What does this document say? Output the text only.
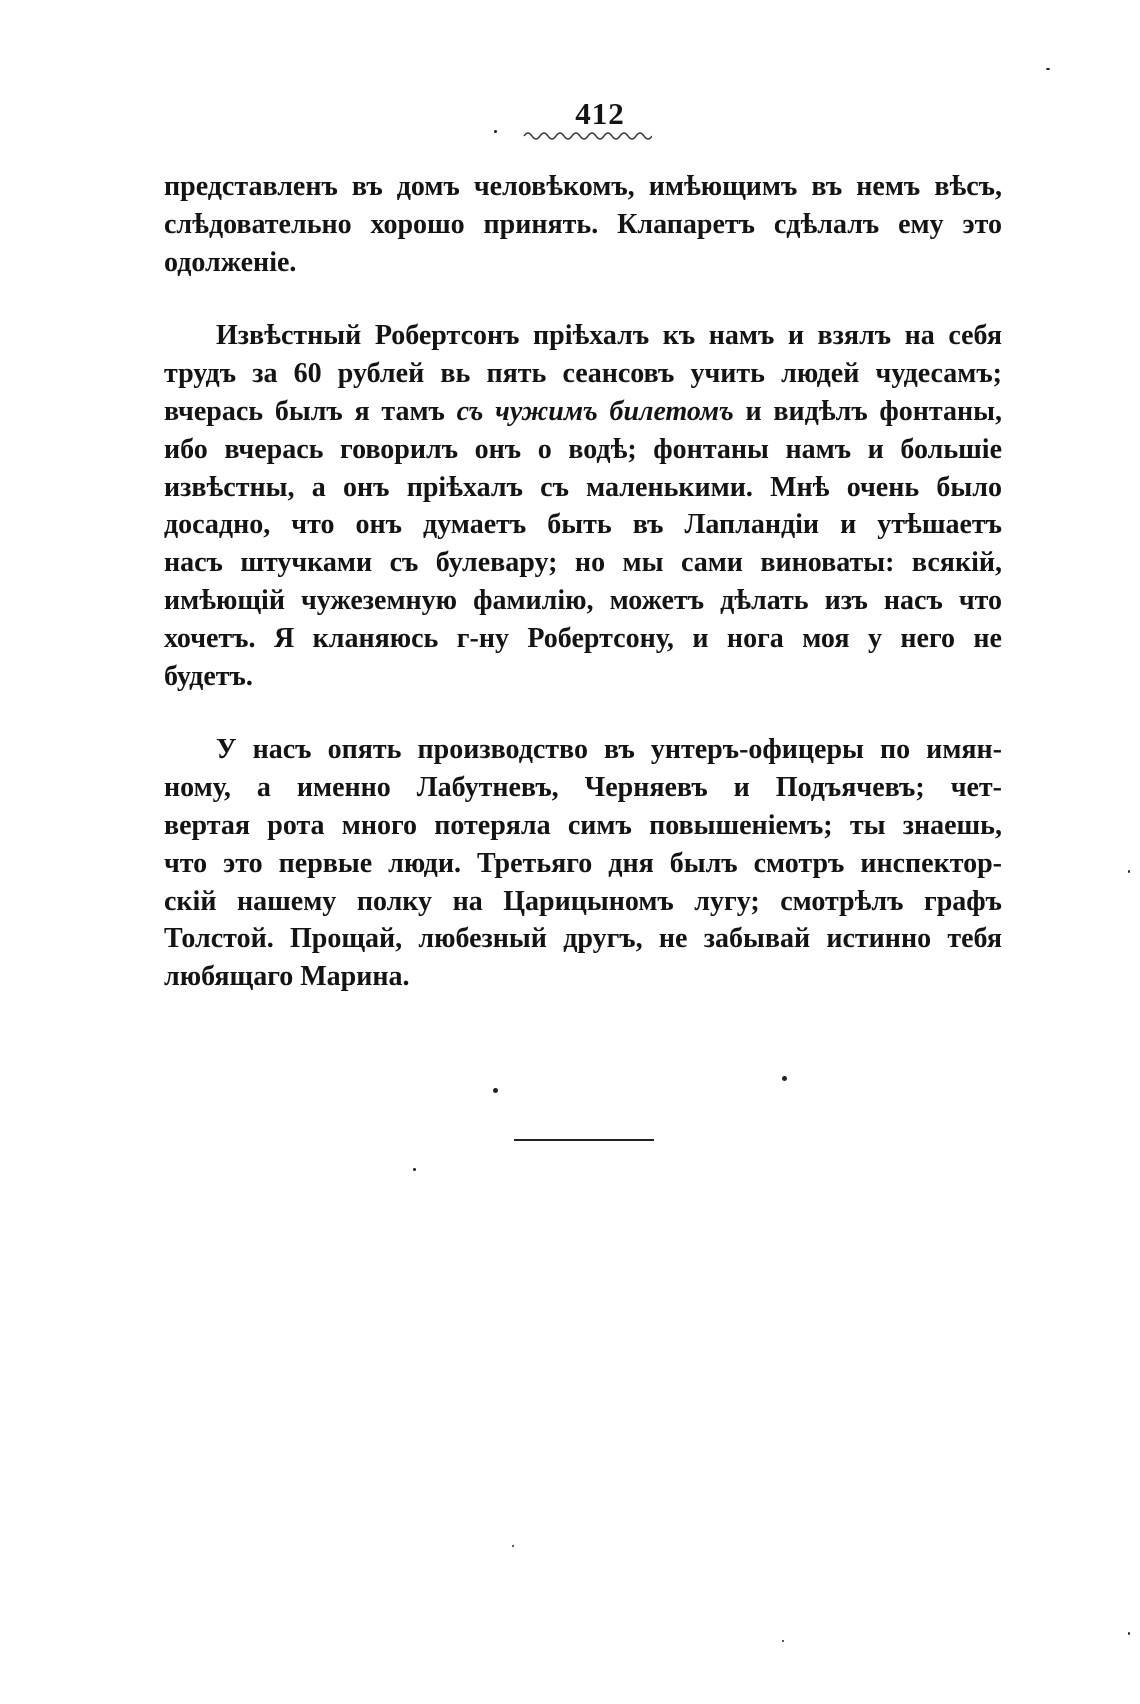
412
представленъ въ домъ человѣкомъ, имѣющимъ въ немъ вѣсъ,
слѣдовательно хорошо принять. Клапаретъ сдѣлалъ ему это
одолженіе.
Извѣстный Робертсонъ пріѣхалъ къ намъ и взялъ на себя
трудъ за 60 рублей вь пять сеансовъ учить людей чудесамъ;
вчерась былъ я тамъ съ чужимъ билетомъ и видѣлъ фонтаны,
ибо вчерась говорилъ онъ о водѣ; фонтаны намъ и большіе
извѣстны, а онъ пріѣхалъ съ маленькими. Мнѣ очень было
досадно, что онъ думаетъ быть въ Лапландіи и утѣшаетъ
насъ штучками съ булевару; но мы сами виноваты: всякій,
имѣющій чужеземную фамилію, можетъ дѣлать изъ насъ что
хочетъ. Я кланяюсь г-ну Робертсону, и нога моя у него не
будетъ.
У насъ опять производство въ унтеръ-офицеры по имян-
ному, а именно Лабутневъ, Черняевъ и Подъячевъ; чет-
вертая рота много потеряла симъ повышеніемъ; ты знаешь,
что это первые люди. Третьяго дня былъ смотръ инспектор-
скій нашему полку на Царицыномъ лугу; смотрѣлъ графъ
Толстой. Прощай, любезный другъ, не забывай истинно тебя
любящаго Марина.
